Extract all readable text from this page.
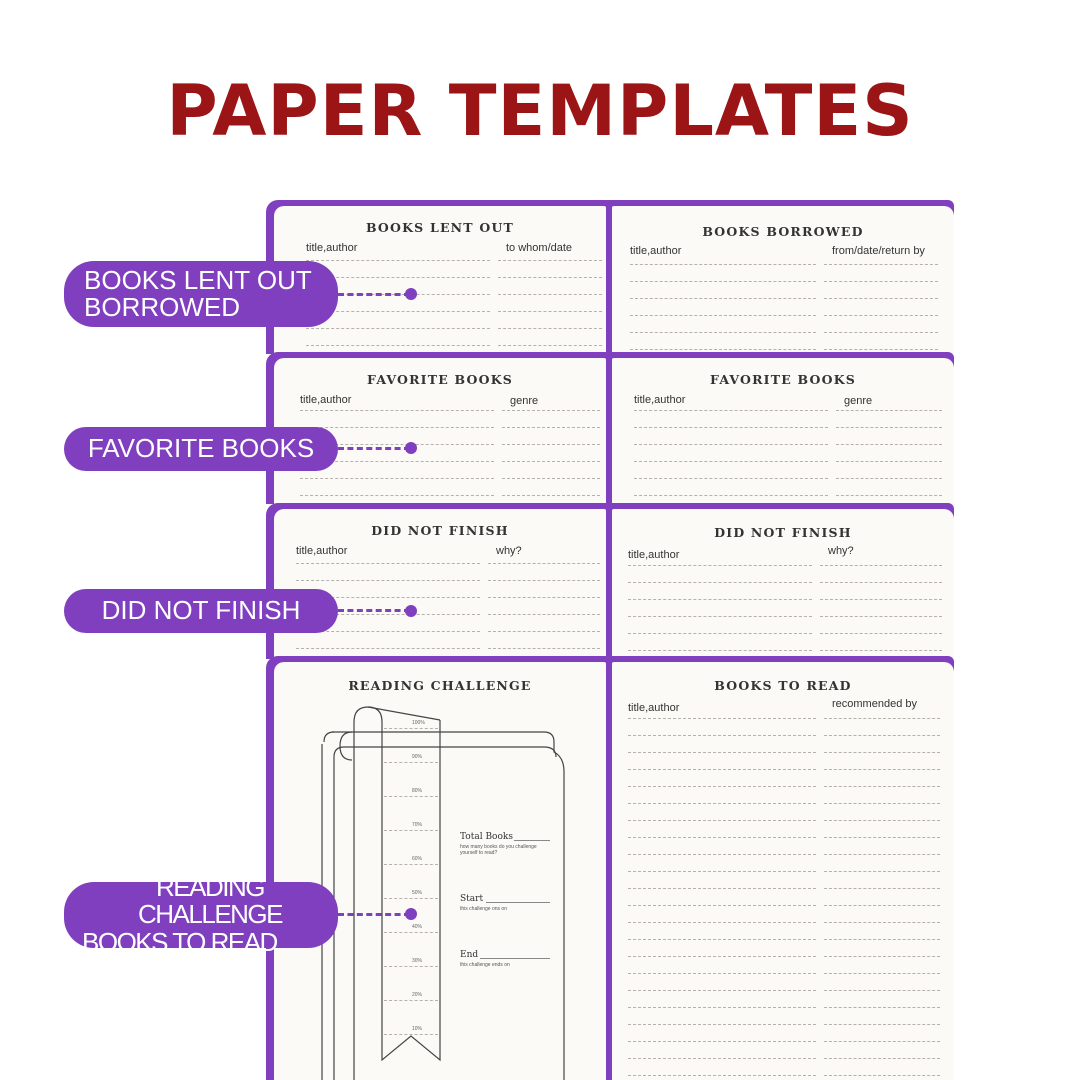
PAPER TEMPLATES
BOOKS LENT OUT
title,author	to whom/date
BOOKS BORROWED
title,author	from/date/return by
FAVORITE BOOKS
title,author	genre
FAVORITE BOOKS
title,author	genre
DID NOT FINISH
title,author	why?
DID NOT FINISH
title,author	why?
READING CHALLENGE
Total Books
how many books do you challenge yourself to read?
Start
this challenge ons on
End
this challenge ends on
100%
90%
80%
70%
60%
50%
40%
30%
20%
10%
BOOKS TO READ
title,author	recommended by
BOOKS LENT OUT
BORROWED
FAVORITE BOOKS
DID NOT FINISH
READING CHALLENGE
BOOKS TO READ
